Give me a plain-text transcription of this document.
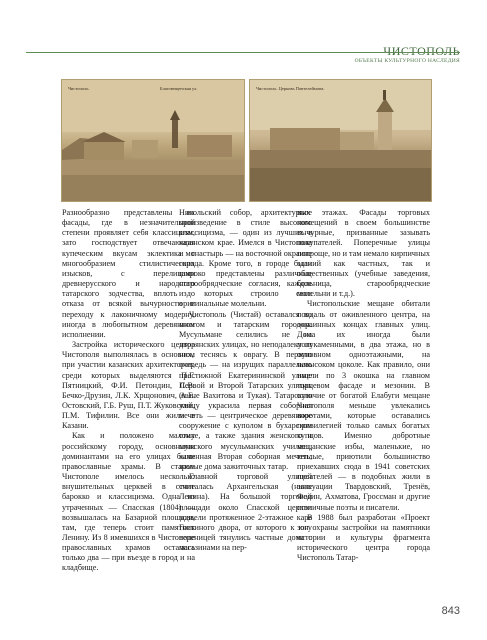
ЧИСТОПОЛЬ
ОБЪЕКТЫ КУЛЬТУРНОГО НАСЛЕДИЯ
Чистополь.	Благовещенская ул.	Чистополь. Церковь Пантелеймона.

Разнообразно представлены их фасады, где в незначительной степени проявляет себя классицизм, зато господствует отвечающая купеческим вкусам эклектика с многообразием стилистических изысков, с перелицами древнерусского и народного татарского зодчества, вплоть до отказа от всякой вычурности и переходу к лаконичному модерну, иногда в любопытном деревянном исполнении.

Застройка исторического центра Чистополя выполнялась в основном при участии казанских архитекторов, среди которых выделяются П.Г. Пятницкий, Ф.И. Петондин, С.В. Бечко-Друзин, Л.К. Хрщонович, А.Е. Остовский, Г.Б. Руш, П.Т. Жуковский, П.М. Тифилин. Все они жили в Казани.

Как и положено малому российскому городу, основными доминантами на его улицах были православные храмы. В старом Чистополе имелось несколько внушительных церквей в стиле барокко и классицизма. Одна из утраченных — Спасская (1804) — возвышалась на Базарной площади, там, где теперь стоит памятник Ленину. Из 8 имевшихся в Чистополе православных храмов осталось только два — при въезде в город и на кладбище.

Никольский собор, архитектурное произведение в стиле высокого классицизма, — один из лучших в казанском крае. Имелся в Чистополе и монастырь — на восточной окраине города. Кроме того, в городе были широко представлены различные старообрядческие согласия, каждое из которых строило свои оригинальные молельни.

Чистополь (Чистай) оставался во многом и татарским городом. Мусульмане селились не на дворянских улицах, но неподалеку от них, теснясь к оврагу. В первую очередь — на изрущих параллельно престижной Екатерининской улице Первой и Второй Татарских улицах (ныне Вахитова и Тукая). Татарскую улицу украсила первая соборная мечеть — центрическое деревянное сооружение с куполом в бухарском стиле, а также здания женского и мужского мусульманских училищ, каменная Вторая соборная мечеть, жилые дома зажиточных татар.

Главной торговой улицей считалась Архангельская (ныне Ленина). На большой торговой площади около Спасской церкви возвели протяженное 2-этажное каре Гостиного двора, от которого к югу вереницей тянулись частные дома с магазинами на пер-

вых этажах. Фасады торговых помещений в своем большинстве вычурные, призванные зазывать покупателей. Поперечные улицы попроще, но и там немало кирпичных зданий как частных, так и общественных (учебные заведения, больница, старообрядческие молельни и т.д.).

Чистопольские мещане обитали поодаль от оживленного центра, на окраинных концах главных улиц. Дома их иногда были полукаменными, в два этажа, но в основном одноэтажными, на невысоком цоколе. Как правило, они имели по 3 окошка на главном торцевом фасаде и мезонин. В отличие от богатой Елабуги мещане Чистополя меньше увлекались воротами, которые оставались привилегией только самых богатых купцов. Именно добротные мещанские избы, маленькие, но теплые, приютили большинство приехавших сюда в 1941 советских писателей — в подобных жили в эвакуации Твардовский, Тренёв, Федин, Ахматова, Гроссман и другие столичные поэты и писатели.

В 1988 был разработан «Проект зон охраны застройки на памятники истории и культуры фрагмента исторического центра города Чистополь Татар-

843
